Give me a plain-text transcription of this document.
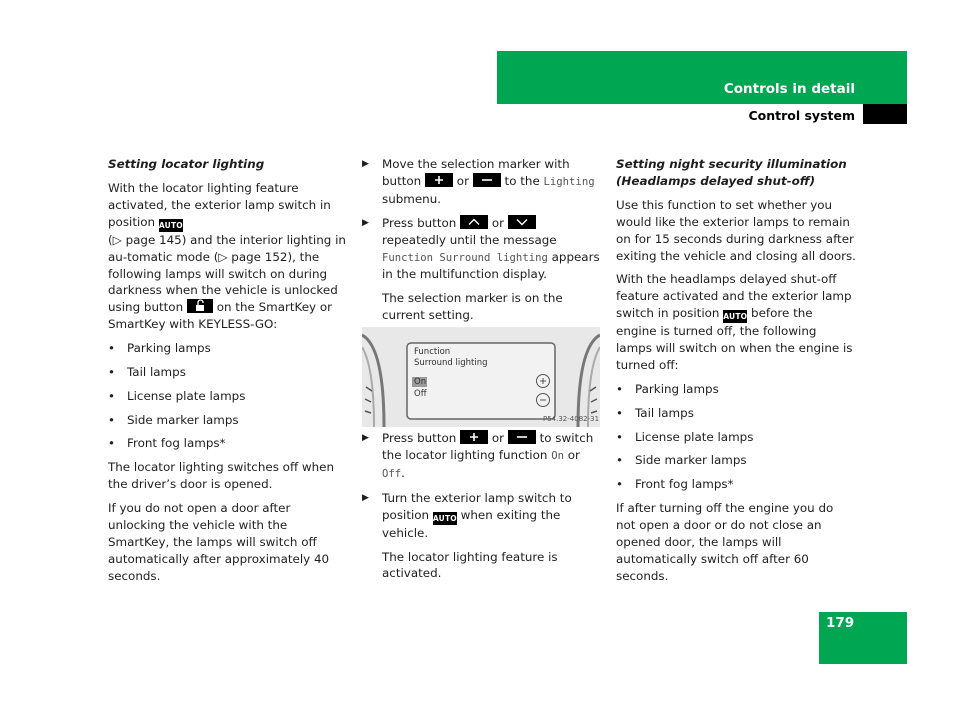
Controls in detail
Control system

Setting locator lighting

With the locator lighting feature activated, the exterior lamp switch in position AUTO
(▷ page 145) and the interior lighting in au-tomatic mode (▷ page 152), the following lamps will switch on during darkness when the vehicle is unlocked using button	on the SmartKey or SmartKey with KEYLESS-GO:

• Parking lamps
• Tail lamps
• License plate lamps
• Side marker lamps
• Front fog lamps*

The locator lighting switches off when the driver’s door is opened.

If you do not open a door after unlocking the vehicle with the SmartKey, the lamps will switch off automatically after approximately 40 seconds.

▶ Move the selection marker with button	or	to the Lighting submenu.
▶ Press button	or
repeatedly until the message Function Surround lighting appears in the multifunction display.

The selection marker is on the current setting.

Function
Surround lighting
On
Off
P54.32-4082-31
▶ Press button	or	to switch the locator lighting function On or Off.
▶ Turn the exterior lamp switch to position AUTO when exiting the vehicle.

The locator lighting feature is activated.

Setting night security illumination (Headlamps delayed shut-off)

Use this function to set whether you would like the exterior lamps to remain on for 15 seconds during darkness after exiting the vehicle and closing all doors.

With the headlamps delayed shut-off feature activated and the exterior lamp switch in position AUTO before the engine is turned off, the following lamps will switch on when the engine is turned off:

• Parking lamps
• Tail lamps
• License plate lamps
• Side marker lamps
• Front fog lamps*

If after turning off the engine you do not open a door or do not close an opened door, the lamps will automatically switch off after 60 seconds.

179
